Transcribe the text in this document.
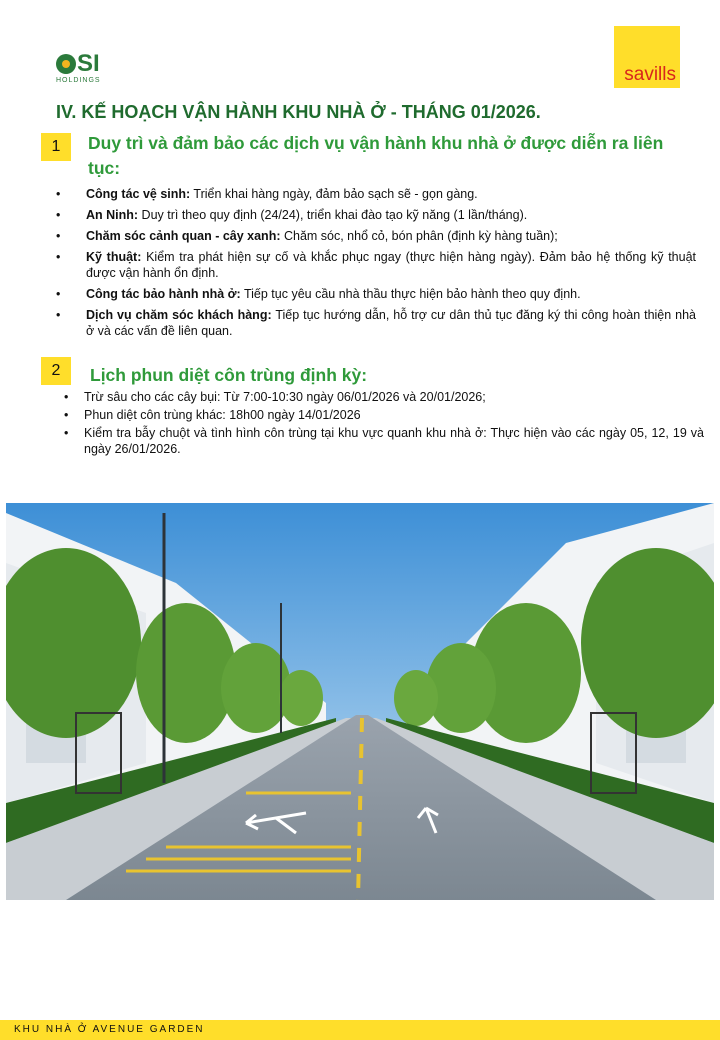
SI
HOLDINGS	savills
IV. KẾ HOẠCH VẬN HÀNH KHU NHÀ Ở - THÁNG 01/2026.
1	Duy trì và đảm bảo các dịch vụ vận hành khu nhà ở được diễn ra liên tục:
• Công tác vệ sinh: Triển khai hàng ngày, đảm bảo sạch sẽ - gọn gàng.
• An Ninh: Duy trì theo quy định (24/24), triển khai đào tạo kỹ năng (1 lần/tháng).
• Chăm sóc cảnh quan - cây xanh: Chăm sóc, nhổ cỏ, bón phân (định kỳ hàng tuần);
• Kỹ thuật: Kiểm tra phát hiện sự cố và khắc phục ngay (thực hiện hàng ngày). Đảm bảo hệ thống kỹ thuật được vận hành ổn định.
• Công tác bảo hành nhà ở: Tiếp tục yêu cầu nhà thầu thực hiện bảo hành theo quy định.
• Dịch vụ chăm sóc khách hàng: Tiếp tục hướng dẫn, hỗ trợ cư dân thủ tục đăng ký thi công hoàn thiện nhà ở và các vấn đề liên quan.
2	Lịch phun diệt côn trùng định kỳ:
• Trừ sâu cho các cây bụi: Từ 7:00-10:30 ngày 06/01/2026 và 20/01/2026;
• Phun diệt côn trùng khác: 18h00 ngày 14/01/2026
• Kiểm tra bẫy chuột và tình hình côn trùng tại khu vực quanh khu nhà ở: Thực hiện vào các ngày 05, 12, 19 và ngày 26/01/2026.
KHU NHÀ Ở AVENUE GARDEN
